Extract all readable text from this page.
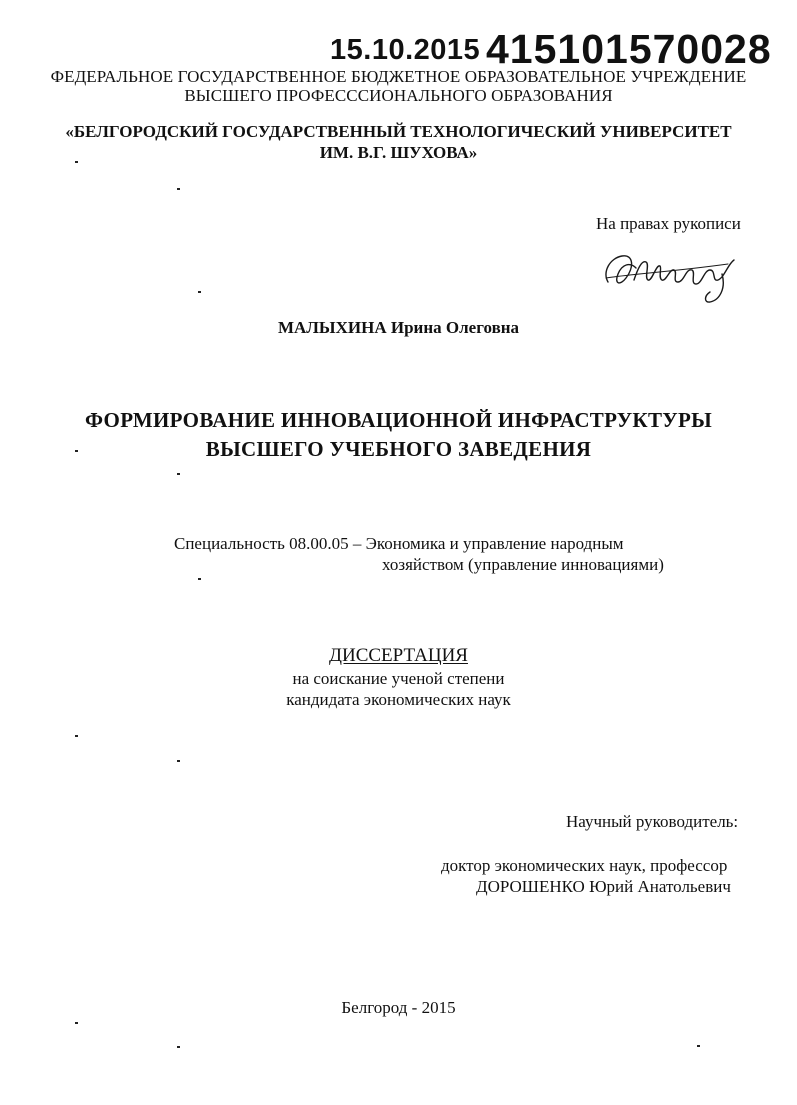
15.10.2015 415101570028
ФЕДЕРАЛЬНОЕ ГОСУДАРСТВЕННОЕ БЮДЖЕТНОЕ ОБРАЗОВАТЕЛЬНОЕ УЧРЕЖДЕНИЕ
ВЫСШЕГО ПРОФЕСССИОНАЛЬНОГО ОБРАЗОВАНИЯ
«БЕЛГОРОДСКИЙ ГОСУДАРСТВЕННЫЙ ТЕХНОЛОГИЧЕСКИЙ УНИВЕРСИТЕТ
ИМ. В.Г. ШУХОВА»
На правах рукописи
МАЛЫХИНА Ирина Олеговна
ФОРМИРОВАНИЕ ИННОВАЦИОННОЙ ИНФРАСТРУКТУРЫ
ВЫСШЕГО УЧЕБНОГО ЗАВЕДЕНИЯ
Специальность 08.00.05 – Экономика и управление народным
хозяйством (управление инновациями)
ДИССЕРТАЦИЯ
на соискание ученой степени
кандидата экономических наук
Научный руководитель:
доктор экономических наук, профессор
ДОРОШЕНКО Юрий Анатольевич
Белгород - 2015
